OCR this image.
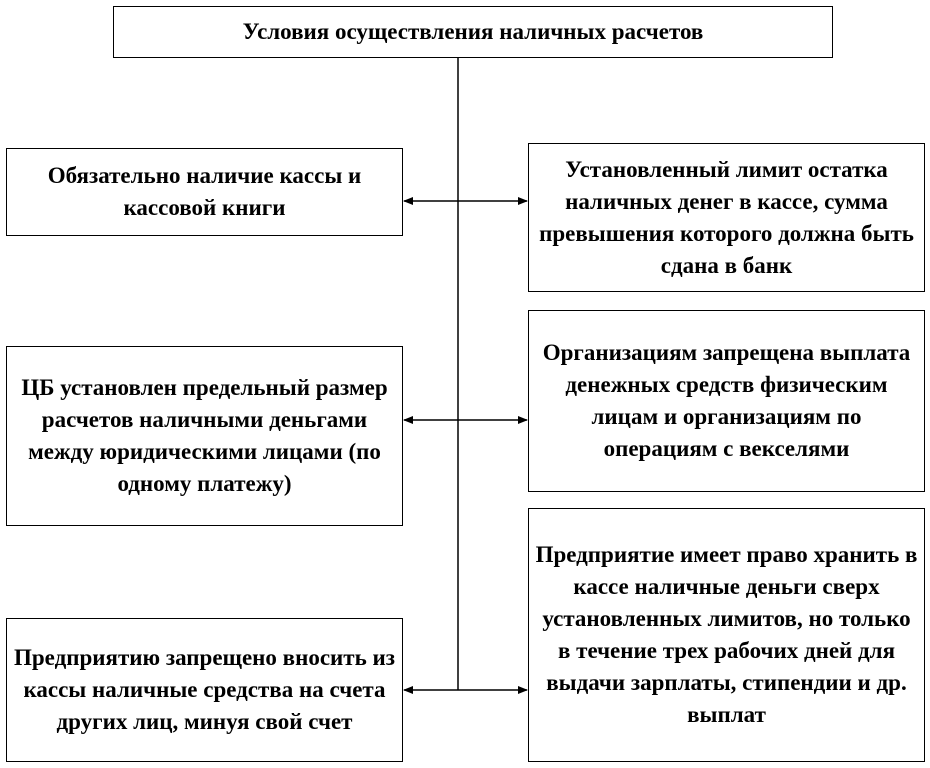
Условия осуществления наличных расчетов
Обязательно наличие кассы и кассовой книги
ЦБ установлен предельный размер расчетов наличными деньгами между юридическими лицами (по одному платежу)
Предприятию запрещено вносить из кассы наличные средства на счета других лиц, минуя свой счет
Установленный лимит остатка наличных денег в кассе, сумма превышения которого должна быть сдана в банк
Организациям запрещена выплата денежных средств физическим лицам и организациям по операциям с векселями
Предприятие имеет право хранить в кассе наличные деньги сверх установленных лимитов, но только в течение трех рабочих дней для выдачи зарплаты, стипендии и др. выплат
